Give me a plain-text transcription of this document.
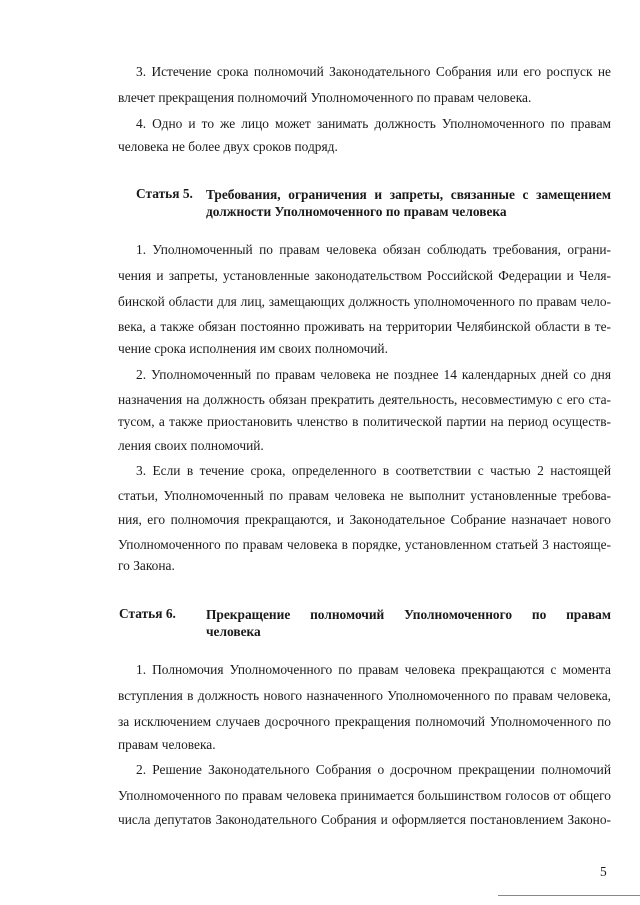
3. Истечение срока полномочий Законодательного Собрания или его роспуск не
влечет прекращения полномочий Уполномоченного по правам человека.
4. Одно и то же лицо может занимать должность Уполномоченного по правам
человека не более двух сроков подряд.
Статья 5. Требования, ограничения и запреты, связанные с замещением
должности Уполномоченного по правам человека
1. Уполномоченный по правам человека обязан соблюдать требования, ограни-
чения и запреты, установленные законодательством Российской Федерации и Челя-
бинской области для лиц, замещающих должность уполномоченного по правам чело-
века, а также обязан постоянно проживать на территории Челябинской области в те-
чение срока исполнения им своих полномочий.
2. Уполномоченный по правам человека не позднее 14 календарных дней со дня
назначения на должность обязан прекратить деятельность, несовместимую с его ста-
тусом, а также приостановить членство в политической партии на период осуществ-
ления своих полномочий.
3. Если в течение срока, определенного в соответствии с частью 2 настоящей
статьи, Уполномоченный по правам человека не выполнит установленные требова-
ния, его полномочия прекращаются, и Законодательное Собрание назначает нового
Уполномоченного по правам человека в порядке, установленном статьей 3 настояще-
го Закона.
Статья 6. Прекращение полномочий Уполномоченного по правам
человека
1. Полномочия Уполномоченного по правам человека прекращаются с момента
вступления в должность нового назначенного Уполномоченного по правам человека,
за исключением случаев досрочного прекращения полномочий Уполномоченного по
правам человека.
2. Решение Законодательного Собрания о досрочном прекращении полномочий
Уполномоченного по правам человека принимается большинством голосов от общего
числа депутатов Законодательного Собрания и оформляется постановлением Законо-
5
